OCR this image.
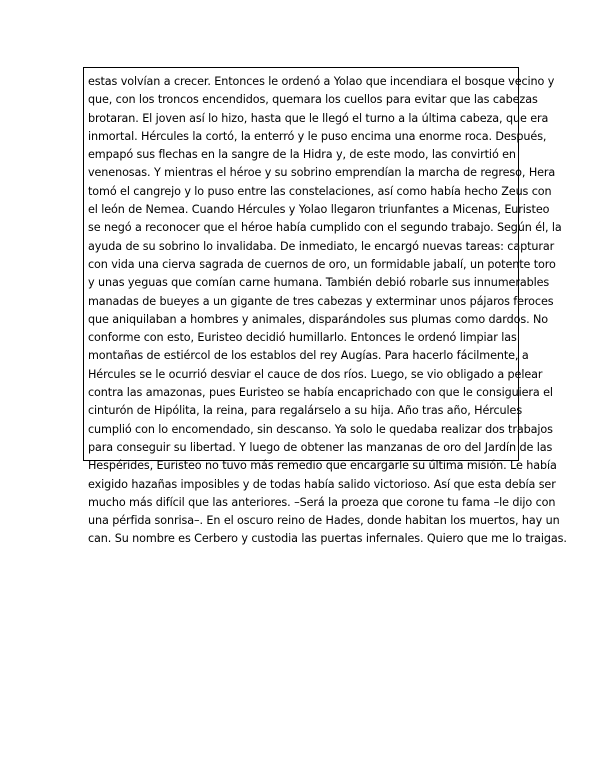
estas volvían a crecer. Entonces le ordenó a Yolao que incendiara el bosque vecino y
que, con los troncos encendidos, quemara los cuellos para evitar que las cabezas
brotaran. El joven así lo hizo, hasta que le llegó el turno a la última cabeza, que era
inmortal. Hércules la cortó, la enterró y le puso encima una enorme roca. Después,
empapó sus flechas en la sangre de la Hidra y, de este modo, las convirtió en
venenosas. Y mientras el héroe y su sobrino emprendían la marcha de regreso, Hera
tomó el cangrejo y lo puso entre las constelaciones, así como había hecho Zeus con
el león de Nemea. Cuando Hércules y Yolao llegaron triunfantes a Micenas, Euristeo
se negó a reconocer que el héroe había cumplido con el segundo trabajo. Según él, la
ayuda de su sobrino lo invalidaba. De inmediato, le encargó nuevas tareas: capturar
con vida una cierva sagrada de cuernos de oro, un formidable jabalí, un potente toro
y unas yeguas que comían carne humana. También debió robarle sus innumerables
manadas de bueyes a un gigante de tres cabezas y exterminar unos pájaros feroces
que aniquilaban a hombres y animales, disparándoles sus plumas como dardos. No
conforme con esto, Euristeo decidió humillarlo. Entonces le ordenó limpiar las
montañas de estiércol de los establos del rey Augías. Para hacerlo fácilmente, a
Hércules se le ocurrió desviar el cauce de dos ríos. Luego, se vio obligado a pelear
contra las amazonas, pues Euristeo se había encaprichado con que le consiguiera el
cinturón de Hipólita, la reina, para regalárselo a su hija. Año tras año, Hércules
cumplió con lo encomendado, sin descanso. Ya solo le quedaba realizar dos trabajos
para conseguir su libertad. Y luego de obtener las manzanas de oro del Jardín de las
Hespérides, Euristeo no tuvo más remedio que encargarle su última misión. Le había
exigido hazañas imposibles y de todas había salido victorioso. Así que esta debía ser
mucho más difícil que las anteriores. –Será la proeza que corone tu fama –le dijo con
una pérfida sonrisa–. En el oscuro reino de Hades, donde habitan los muertos, hay un
can. Su nombre es Cerbero y custodia las puertas infernales. Quiero que me lo traigas.
